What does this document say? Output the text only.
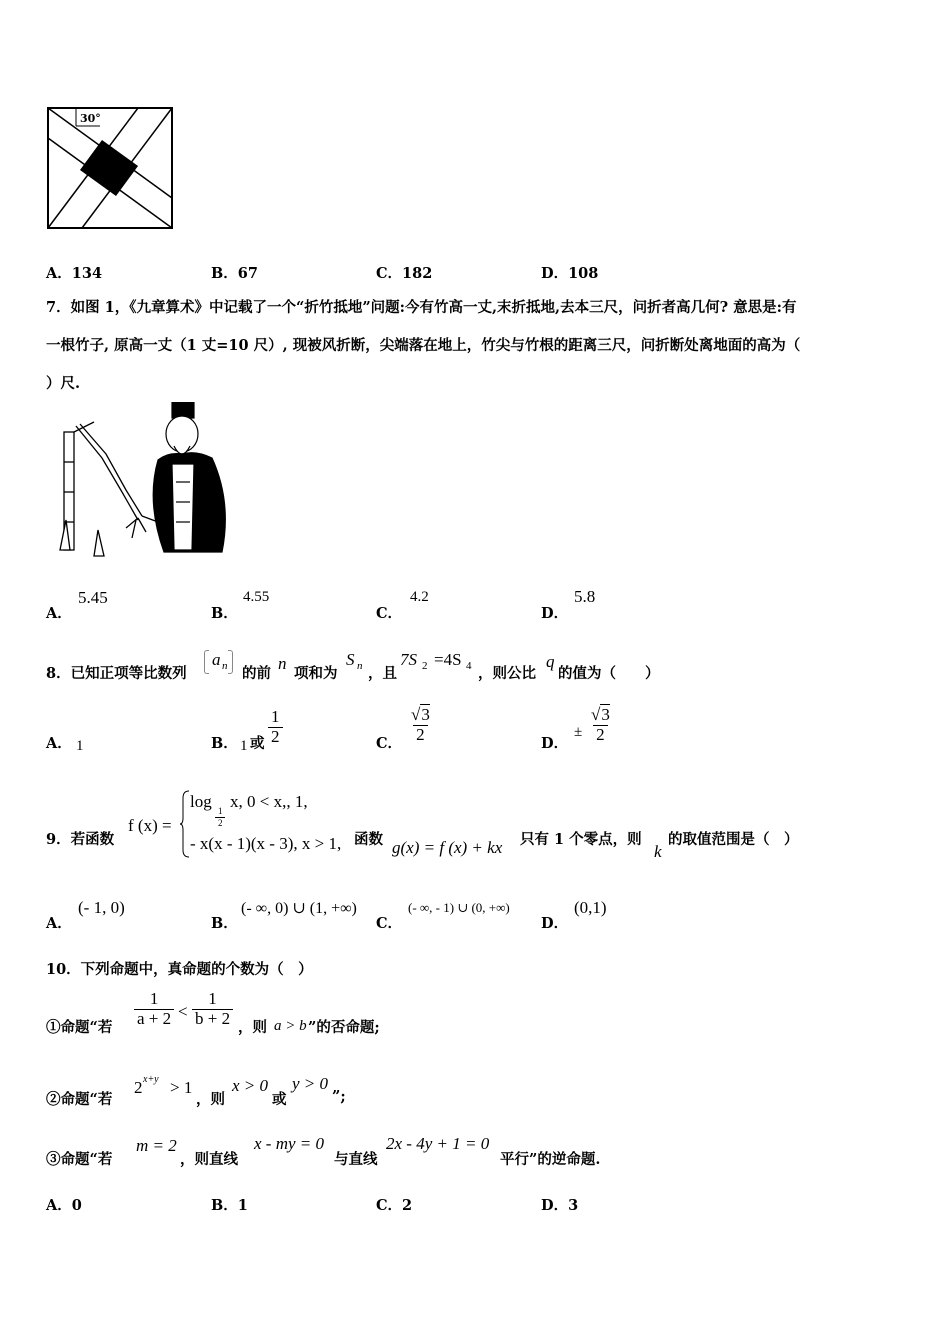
30°
A．134	B．67	C．182	D．108
7．如图 1，《九章算术》中记载了一个“折竹抵地”问题:今有竹高一丈,末折抵地,去本三尺，问折者高几何? 意思是:有
一根竹子, 原高一丈（1 丈=10 尺）, 现被风折断，尖端落在地上，竹尖与竹根的距离三尺，问折断处离地面的高为（
）尺.
A．
5.45
B．
4.55
C．
4.2
D．
5.8
8．已知正项等比数列
a n 的前
n
项和为
S n ，且
7S 2 =4S 4 ，则公比
q
的值为（　　）
A． 1	B． 1 或 $\frac{1}{2}$	C． $\frac{√3}{2}$	D．
± $\frac{√3}{2}$
9．若函数
f (x) =
log 1
2
x, 0 < x,, 1,
- x(x - 1)(x - 3), x > 1, 函数 g(x) = f (x) + kx 只有 1 个零点，则
k
的取值范围是（　）
A．
(- 1, 0)
B．
(- ∞, 0) ∪ (1, +∞)
C．
(- ∞, - 1) ∪ (0, +∞)
D．
(0,1)
10．下列命题中，真命题的个数为（　）
①命题“若 $\frac{1}{a + 2} < \frac{1}{b + 2}$ ，则 a > b ”的否命题;
②命题“若
2 x+y > 1
，则
x > 0
或
y > 0
”;
③命题“若
m = 2
，则直线
x - my = 0
与直线
2x - 4y + 1 = 0
平行”的逆命题.
A．0	B．1	C．2	D．3
